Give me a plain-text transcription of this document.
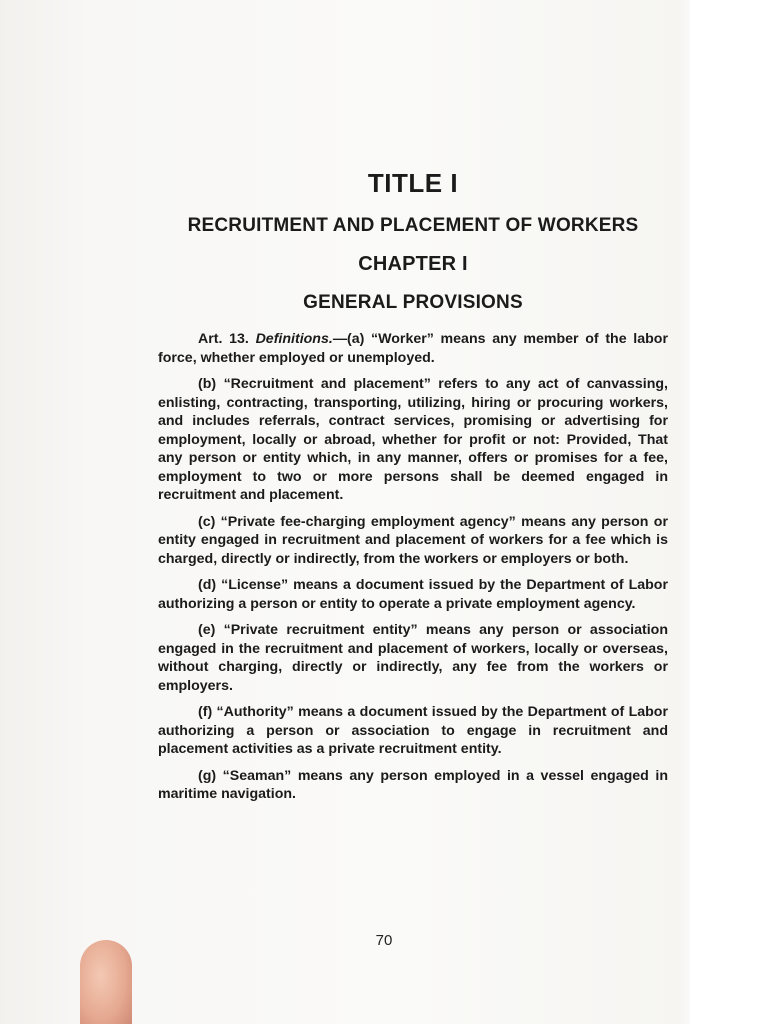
TITLE I
RECRUITMENT AND PLACEMENT OF WORKERS
CHAPTER I
GENERAL PROVISIONS

Art. 13. Definitions.—(a) “Worker” means any member of the labor force, whether employed or unemployed.

(b) “Recruitment and placement” refers to any act of canvassing, enlisting, contracting, transporting, utilizing, hiring or procuring workers, and includes referrals, contract services, promising or advertising for employment, locally or abroad, whether for profit or not: Provided, That any person or entity which, in any manner, offers or promises for a fee, employment to two or more persons shall be deemed engaged in recruitment and placement.

(c) “Private fee-charging employment agency” means any person or entity engaged in recruitment and placement of workers for a fee which is charged, directly or indirectly, from the workers or employers or both.

(d) “License” means a document issued by the Department of Labor authorizing a person or entity to operate a private employment agency.

(e) “Private recruitment entity” means any person or association engaged in the recruitment and placement of workers, locally or overseas, without charging, directly or indirectly, any fee from the workers or employers.

(f) “Authority” means a document issued by the Department of Labor authorizing a person or association to engage in recruitment and placement activities as a private recruitment entity.

(g) “Seaman” means any person employed in a vessel engaged in maritime navigation.

70
